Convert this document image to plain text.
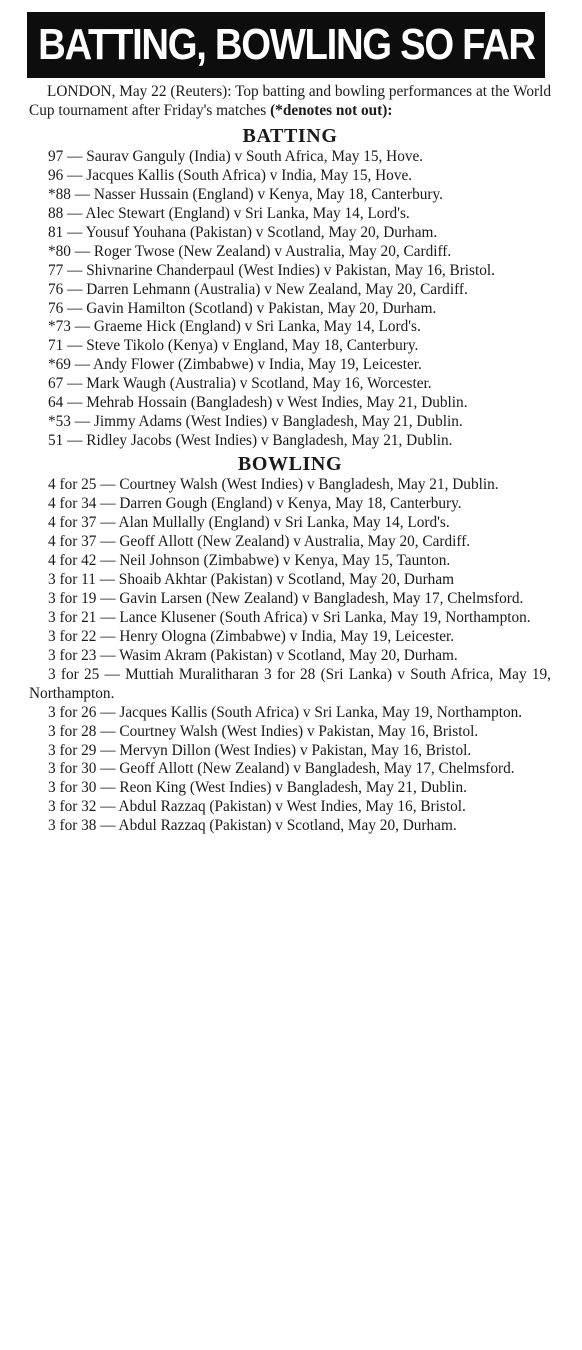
BATTING, BOWLING SO FAR

LONDON, May 22 (Reuters): Top batting and bowling performances at the World Cup tournament after Friday's matches (*denotes not out):

BATTING

97 — Saurav Ganguly (India) v South Africa, May 15, Hove.

96 — Jacques Kallis (South Africa) v India, May 15, Hove.

*88 — Nasser Hussain (England) v Kenya, May 18, Canterbury.

88 — Alec Stewart (England) v Sri Lanka, May 14, Lord's.

81 — Yousuf Youhana (Pakistan) v Scotland, May 20, Durham.

*80 — Roger Twose (New Zealand) v Australia, May 20, Cardiff.

77 — Shivnarine Chanderpaul (West Indies) v Pakistan, May 16, Bristol.

76 — Darren Lehmann (Australia) v New Zealand, May 20, Cardiff.

76 — Gavin Hamilton (Scotland) v Pakistan, May 20, Durham.

*73 — Graeme Hick (England) v Sri Lanka, May 14, Lord's.

71 — Steve Tikolo (Kenya) v England, May 18, Canterbury.

*69 — Andy Flower (Zimbabwe) v India, May 19, Leicester.

67 — Mark Waugh (Australia) v Scotland, May 16, Worcester.

64 — Mehrab Hossain (Bangladesh) v West Indies, May 21, Dublin.

*53 — Jimmy Adams (West Indies) v Bangladesh, May 21, Dublin.

51 — Ridley Jacobs (West Indies) v Bangladesh, May 21, Dublin.

BOWLING

4 for 25 — Courtney Walsh (West Indies) v Bangladesh, May 21, Dublin.

4 for 34 — Darren Gough (England) v Kenya, May 18, Canterbury.

4 for 37 — Alan Mullally (England) v Sri Lanka, May 14, Lord's.

4 for 37 — Geoff Allott (New Zealand) v Australia, May 20, Cardiff.

4 for 42 — Neil Johnson (Zimbabwe) v Kenya, May 15, Taunton.

3 for 11 — Shoaib Akhtar (Pakistan) v Scotland, May 20, Durham

3 for 19 — Gavin Larsen (New Zealand) v Bangladesh, May 17, Chelmsford.

3 for 21 — Lance Klusener (South Africa) v Sri Lanka, May 19, Northampton.

3 for 22 — Henry Ologna (Zimbabwe) v India, May 19, Leicester.

3 for 23 — Wasim Akram (Pakistan) v Scotland, May 20, Durham.

3 for 25 — Muttiah Muralitharan 3 for 28 (Sri Lanka) v South Africa, May 19, Northampton.

3 for 26 — Jacques Kallis (South Africa) v Sri Lanka, May 19, Northampton.

3 for 28 — Courtney Walsh (West Indies) v Pakistan, May 16, Bristol.

3 for 29 — Mervyn Dillon (West Indies) v Pakistan, May 16, Bristol.

3 for 30 — Geoff Allott (New Zealand) v Bangladesh, May 17, Chelmsford.

3 for 30 — Reon King (West Indies) v Bangladesh, May 21, Dublin.

3 for 32 — Abdul Razzaq (Pakistan) v West Indies, May 16, Bristol.

3 for 38 — Abdul Razzaq (Pakistan) v Scotland, May 20, Durham.
